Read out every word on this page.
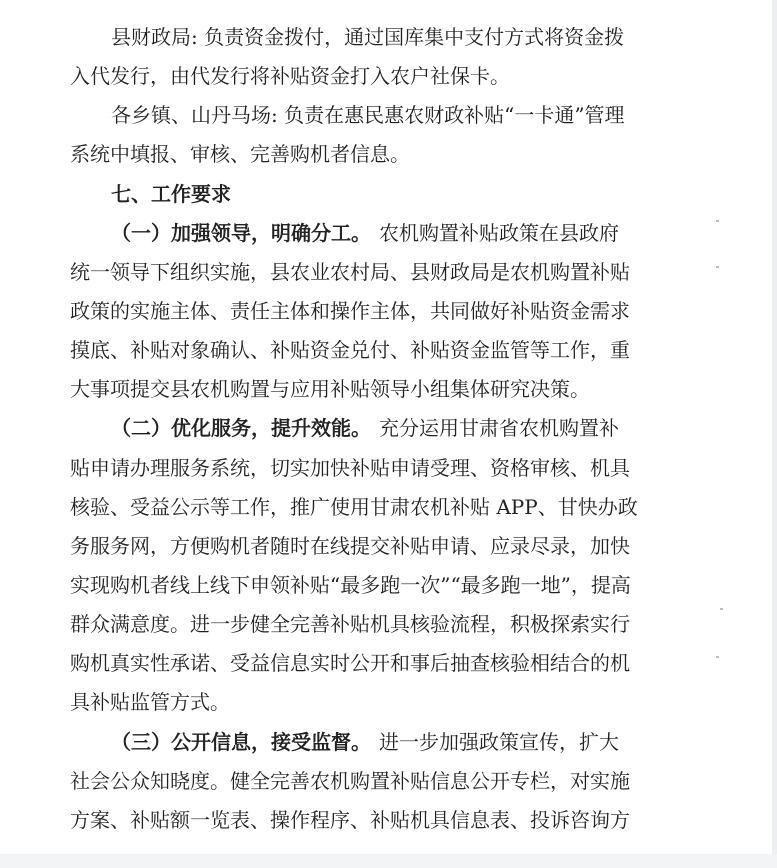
县财政局: 负责资金拨付，通过国库集中支付方式将资金拨
入代发行，由代发行将补贴资金打入农户社保卡。
各乡镇、山丹马场: 负责在惠民惠农财政补贴“一卡通”管理
系统中填报、审核、完善购机者信息。
七、工作要求
（一）加强领导，明确分工。 农机购置补贴政策在县政府
统一领导下组织实施，县农业农村局、县财政局是农机购置补贴
政策的实施主体、责任主体和操作主体，共同做好补贴资金需求
摸底、补贴对象确认、补贴资金兑付、补贴资金监管等工作，重
大事项提交县农机购置与应用补贴领导小组集体研究决策。
（二）优化服务，提升效能。 充分运用甘肃省农机购置补
贴申请办理服务系统，切实加快补贴申请受理、资格审核、机具
核验、受益公示等工作，推广使用甘肃农机补贴 APP、甘快办政
务服务网，方便购机者随时在线提交补贴申请、应录尽录，加快
实现购机者线上线下申领补贴“最多跑一次”“最多跑一地”，提高
群众满意度。进一步健全完善补贴机具核验流程，积极探索实行
购机真实性承诺、受益信息实时公开和事后抽查核验相结合的机
具补贴监管方式。
（三）公开信息，接受监督。 进一步加强政策宣传，扩大
社会公众知晓度。健全完善农机购置补贴信息公开专栏，对实施
方案、补贴额一览表、操作程序、补贴机具信息表、投诉咨询方
